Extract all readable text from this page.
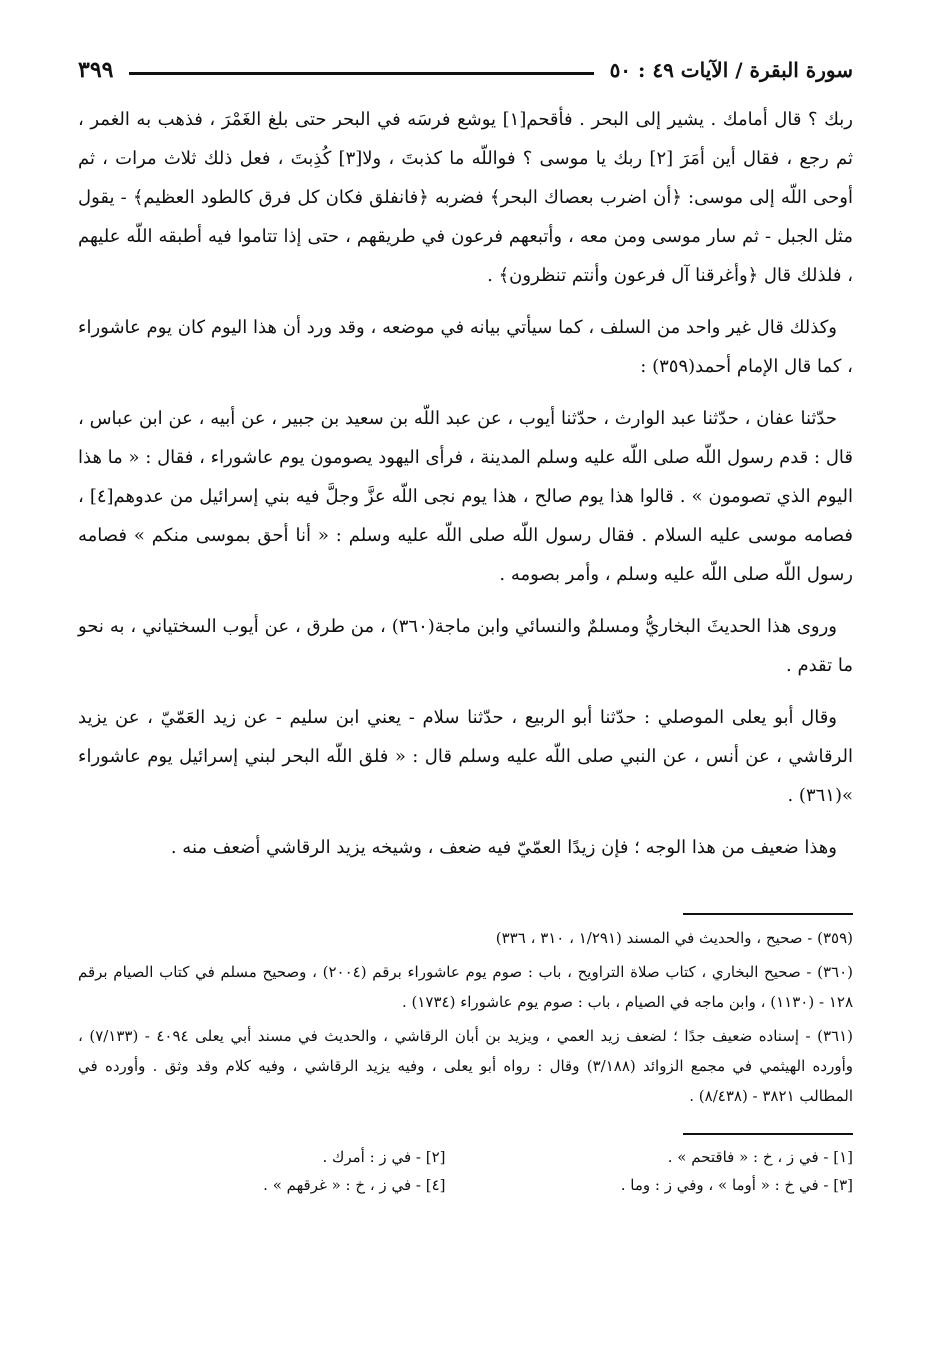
سورة البقرة / الآيات ٤٩ : ٥٠
٣٩٩

ربك ؟ قال أمامك . يشير إلى البحر . فأقحم[١] يوشع فرسَه في البحر حتى بلغ الغَمْرَ ، فذهب به الغمر ، ثم رجع ، فقال أين أمَرَ [٢] ربك يا موسى ؟ فواللّه ما كذبتَ ، ولا[٣] كُذِبتَ ، فعل ذلك ثلاث مرات ، ثم أوحى اللّه إلى موسى: ﴿أن اضرب بعصاك البحر﴾ فضربه ﴿فانفلق فكان كل فرق كالطود العظيم﴾ - يقول مثل الجبل - ثم سار موسى ومن معه ، وأتبعهم فرعون في طريقهم ، حتى إذا تتاموا فيه أطبقه اللّه عليهم ، فلذلك قال ﴿وأغرقنا آل فرعون وأنتم تنظرون﴾ .

وكذلك قال غير واحد من السلف ، كما سيأتي بيانه في موضعه ، وقد ورد أن هذا اليوم كان يوم عاشوراء ، كما قال الإمام أحمد(٣٥٩) :

حدّثنا عفان ، حدّثنا عبد الوارث ، حدّثنا أيوب ، عن عبد اللّه بن سعيد بن جبير ، عن أبيه ، عن ابن عباس ، قال : قدم رسول اللّه صلى اللّه عليه وسلم المدينة ، فرأى اليهود يصومون يوم عاشوراء ، فقال : « ما هذا اليوم الذي تصومون » . قالوا هذا يوم صالح ، هذا يوم نجى اللّه عزَّ وجلَّ فيه بني إسرائيل من عدوهم[٤] ، فصامه موسى عليه السلام . فقال رسول اللّه صلى اللّه عليه وسلم : « أنا أحق بموسى منكم » فصامه رسول اللّه صلى اللّه عليه وسلم ، وأمر بصومه .

وروى هذا الحديثَ البخاريُّ ومسلمٌ والنسائي وابن ماجة(٣٦٠) ، من طرق ، عن أيوب السختياني ، به نحو ما تقدم .

وقال أبو يعلى الموصلي : حدّثنا أبو الربيع ، حدّثنا سلام - يعني ابن سليم - عن زيد العَمّيّ ، عن يزيد الرقاشي ، عن أنس ، عن النبي صلى اللّه عليه وسلم قال : « فلق اللّه البحر لبني إسرائيل يوم عاشوراء »(٣٦١) .

وهذا ضعيف من هذا الوجه ؛ فإن زيدًا العمّيّ فيه ضعف ، وشيخه يزيد الرقاشي أضعف منه .

(٣٥٩) - صحيح ، والحديث في المسند (١/٢٩١ ، ٣١٠ ، ٣٣٦)

(٣٦٠) - صحيح البخاري ، كتاب صلاة التراويح ، باب : صوم يوم عاشوراء برقم (٢٠٠٤) ، وصحيح مسلم في كتاب الصيام برقم ١٢٨ - (١١٣٠) ، وابن ماجه في الصيام ، باب : صوم يوم عاشوراء (١٧٣٤) .

(٣٦١) - إسناده ضعيف جدًا ؛ لضعف زيد العمي ، ويزيد بن أبان الرقاشي ، والحديث في مسند أبي يعلى ٤٠٩٤ - (٧/١٣٣) ، وأورده الهيثمي في مجمع الزوائد (٣/١٨٨) وقال : رواه أبو يعلى ، وفيه يزيد الرقاشي ، وفيه كلام وقد وثق . وأورده في المطالب ٣٨٢١ - (٨/٤٣٨) .

[١] - في ز ، خ : « فاقتحم » .
[٢] - في ز : أمرك .
[٣] - في خ : « أوما » ، وفي ز : وما .
[٤] - في ز ، خ : « غرقهم » .
